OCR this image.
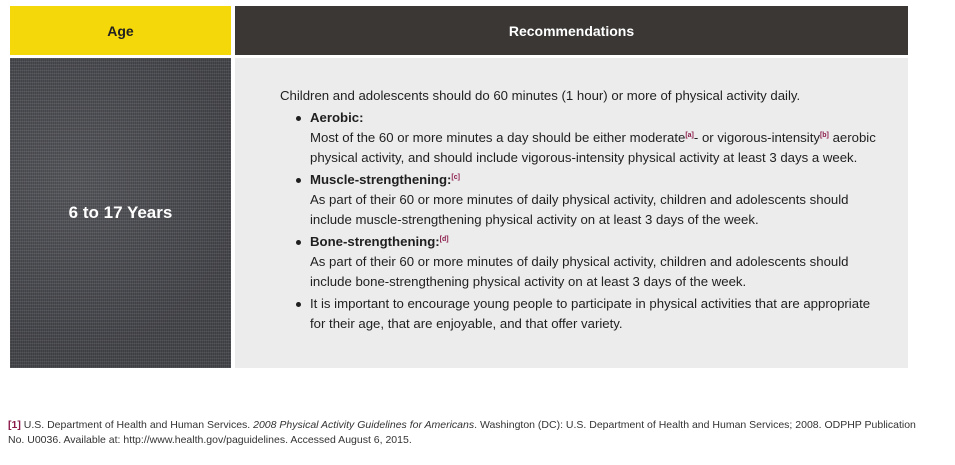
Age	Recommendations
6 to 17 Years

Children and adolescents should do 60 minutes (1 hour) or more of physical activity daily.

Aerobic:
Most of the 60 or more minutes a day should be either moderate[a]- or vigorous-intensity[b] aerobic physical activity, and should include vigorous-intensity physical activity at least 3 days a week.
Muscle-strengthening:[c]
As part of their 60 or more minutes of daily physical activity, children and adolescents should include muscle-strengthening physical activity on at least 3 days of the week.
Bone-strengthening:[d]
As part of their 60 or more minutes of daily physical activity, children and adolescents should include bone-strengthening physical activity on at least 3 days of the week.
It is important to encourage young people to participate in physical activities that are appropriate for their age, that are enjoyable, and that offer variety.
[1] U.S. Department of Health and Human Services. 2008 Physical Activity Guidelines for Americans. Washington (DC): U.S. Department of Health and Human Services; 2008. ODPHP Publication No. U0036. Available at: http://www.health.gov/paguidelines. Accessed August 6, 2015.
